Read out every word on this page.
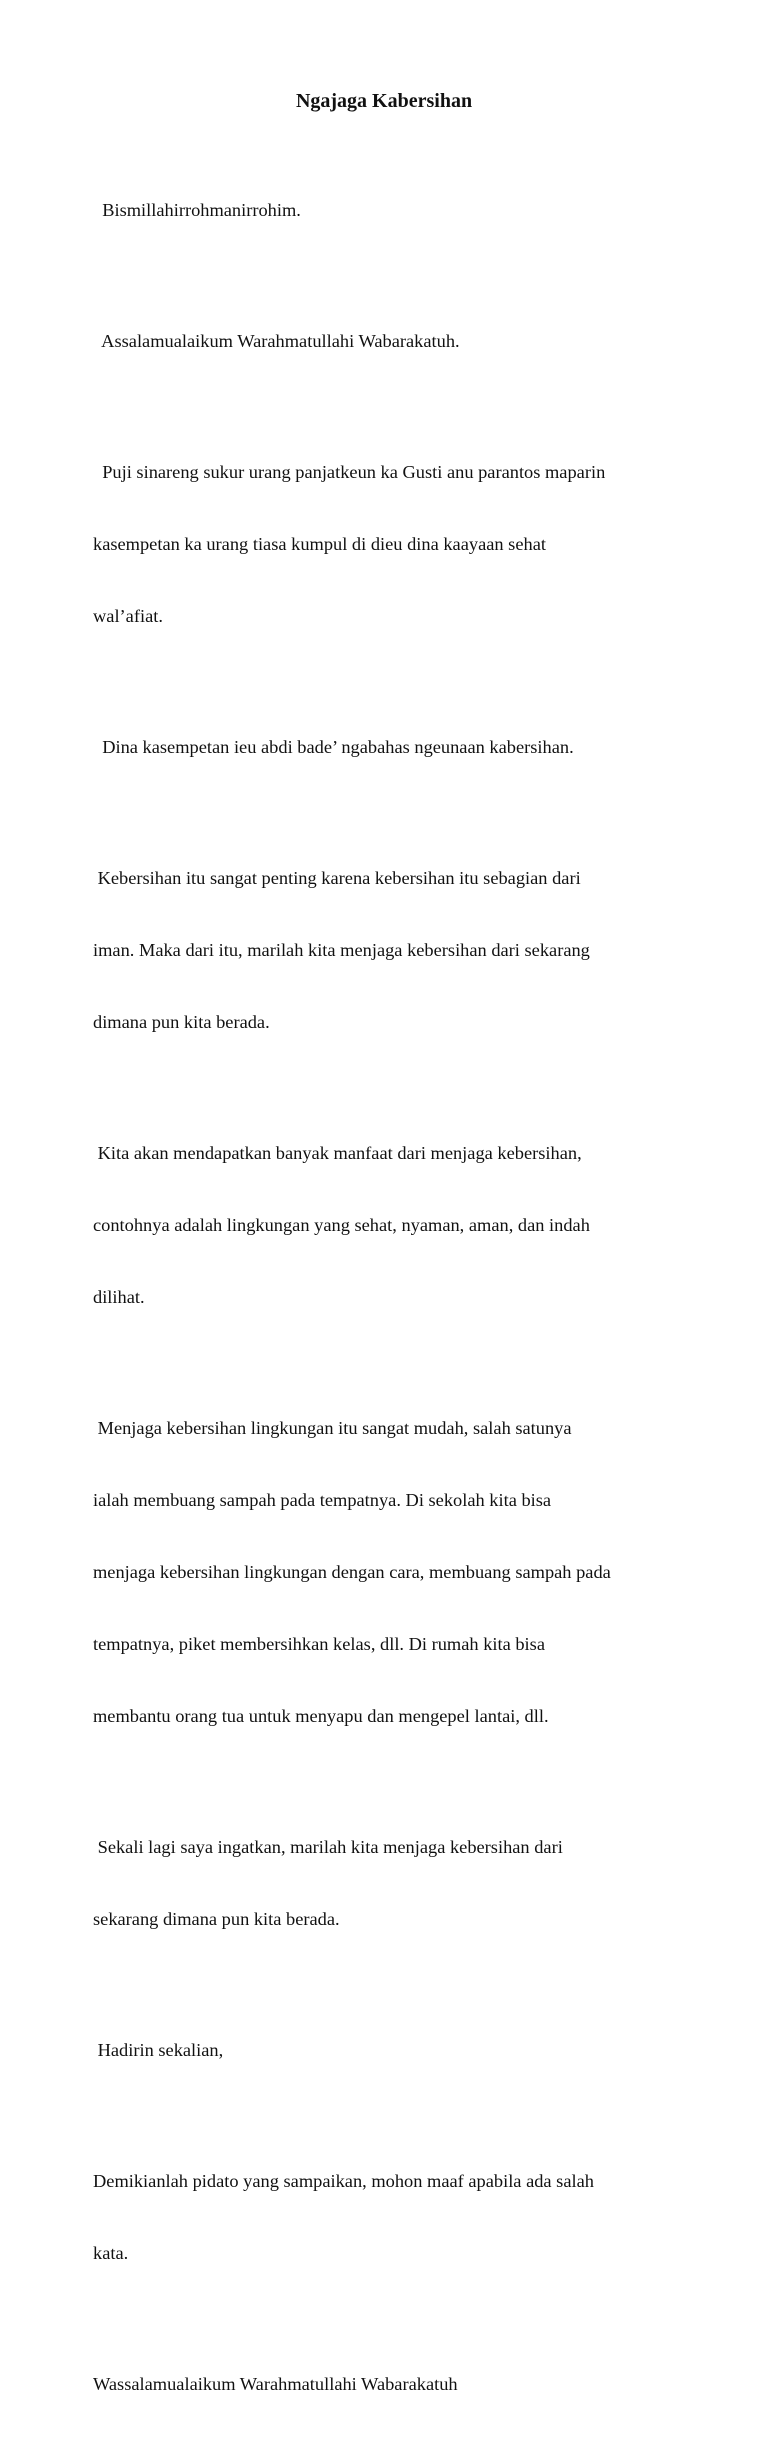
Ngajaga Kabersihan

Bismillahirrohmanirrohim.

Assalamualaikum Warahmatullahi Wabarakatuh.

Puji sinareng sukur urang panjatkeun ka Gusti anu parantos maparin

kasempetan ka urang tiasa kumpul di dieu dina kaayaan sehat

wal’afiat.

Dina kasempetan ieu abdi bade’ ngabahas ngeunaan kabersihan.

Kebersihan itu sangat penting karena kebersihan itu sebagian dari

iman. Maka dari itu, marilah kita menjaga kebersihan dari sekarang

dimana pun kita berada.

Kita akan mendapatkan banyak manfaat dari menjaga kebersihan,

contohnya adalah lingkungan yang sehat, nyaman, aman, dan indah

dilihat.

Menjaga kebersihan lingkungan itu sangat mudah, salah satunya

ialah membuang sampah pada tempatnya. Di sekolah kita bisa

menjaga kebersihan lingkungan dengan cara, membuang sampah pada

tempatnya, piket membersihkan kelas, dll. Di rumah kita bisa

membantu orang tua untuk menyapu dan mengepel lantai, dll.

Sekali lagi saya ingatkan, marilah kita menjaga kebersihan dari

sekarang dimana pun kita berada.

Hadirin sekalian,

Demikianlah pidato yang sampaikan, mohon maaf apabila ada salah

kata.

Wassalamualaikum Warahmatullahi Wabarakatuh
